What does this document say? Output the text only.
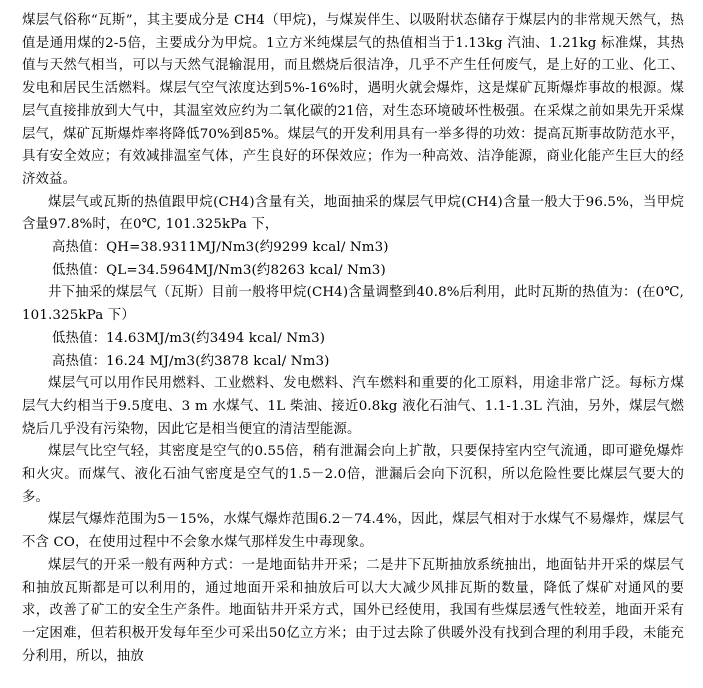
煤层气俗称“瓦斯”，其主要成分是 CH4（甲烷)，与煤炭伴生、以吸附状态储存于煤层内的非常规天然气，热值是通用煤的2-5倍，主要成分为甲烷。1立方米纯煤层气的热值相当于1.13kg 汽油、1.21kg 标准煤，其热值与天然气相当，可以与天然气混输混用，而且燃烧后很洁净，几乎不产生任何废气，是上好的工业、化工、发电和居民生活燃料。煤层气空气浓度达到5%-16%时，遇明火就会爆炸，这是煤矿瓦斯爆炸事故的根源。煤层气直接排放到大气中，其温室效应约为二氧化碳的21倍，对生态环境破坏性极强。在采煤之前如果先开采煤层气，煤矿瓦斯爆炸率将降低70%到85%。煤层气的开发利用具有一举多得的功效：提高瓦斯事故防范水平，具有安全效应；有效减排温室气体，产生良好的环保效应；作为一种高效、洁净能源，商业化能产生巨大的经济效益。

煤层气或瓦斯的热值跟甲烷(CH4)含量有关，地面抽采的煤层气甲烷(CH4)含量一般大于96.5%，当甲烷含量97.8%时，在0℃, 101.325kPa 下，

高热值：QH=38.9311MJ/Nm3(约9299 kcal/ Nm3)

低热值：QL=34.5964MJ/Nm3(约8263 kcal/ Nm3)

井下抽采的煤层气（瓦斯）目前一般将甲烷(CH4)含量调整到40.8%后利用，此时瓦斯的热值为：(在0℃, 101.325kPa 下）

低热值：14.63MJ/m3(约3494 kcal/ Nm3)

高热值：16.24 MJ/m3(约3878 kcal/ Nm3)

煤层气可以用作民用燃料、工业燃料、发电燃料、汽车燃料和重要的化工原料，用途非常广泛。每标方煤层气大约相当于9.5度电、3 m 水煤气、1L 柴油、接近0.8kg 液化石油气、1.1-1.3L 汽油，另外，煤层气燃烧后几乎没有污染物，因此它是相当便宜的清洁型能源。

煤层气比空气轻，其密度是空气的0.55倍，稍有泄漏会向上扩散，只要保持室内空气流通，即可避免爆炸和火灾。而煤气、液化石油气密度是空气的1.5－2.0倍，泄漏后会向下沉积，所以危险性要比煤层气要大的多。

煤层气爆炸范围为5－15%，水煤气爆炸范围6.2－74.4%，因此，煤层气相对于水煤气不易爆炸，煤层气不含 CO，在使用过程中不会象水煤气那样发生中毒现象。

煤层气的开采一般有两种方式：一是地面钻井开采；二是井下瓦斯抽放系统抽出，地面钻井开采的煤层气和抽放瓦斯都是可以利用的，通过地面开采和抽放后可以大大减少风排瓦斯的数量，降低了煤矿对通风的要求，改善了矿工的安全生产条件。地面钻井开采方式，国外已经使用，我国有些煤层透气性较差，地面开采有一定困难，但若积极开发每年至少可采出50亿立方米；由于过去除了供暖外没有找到合理的利用手段，未能充分利用，所以，抽放
